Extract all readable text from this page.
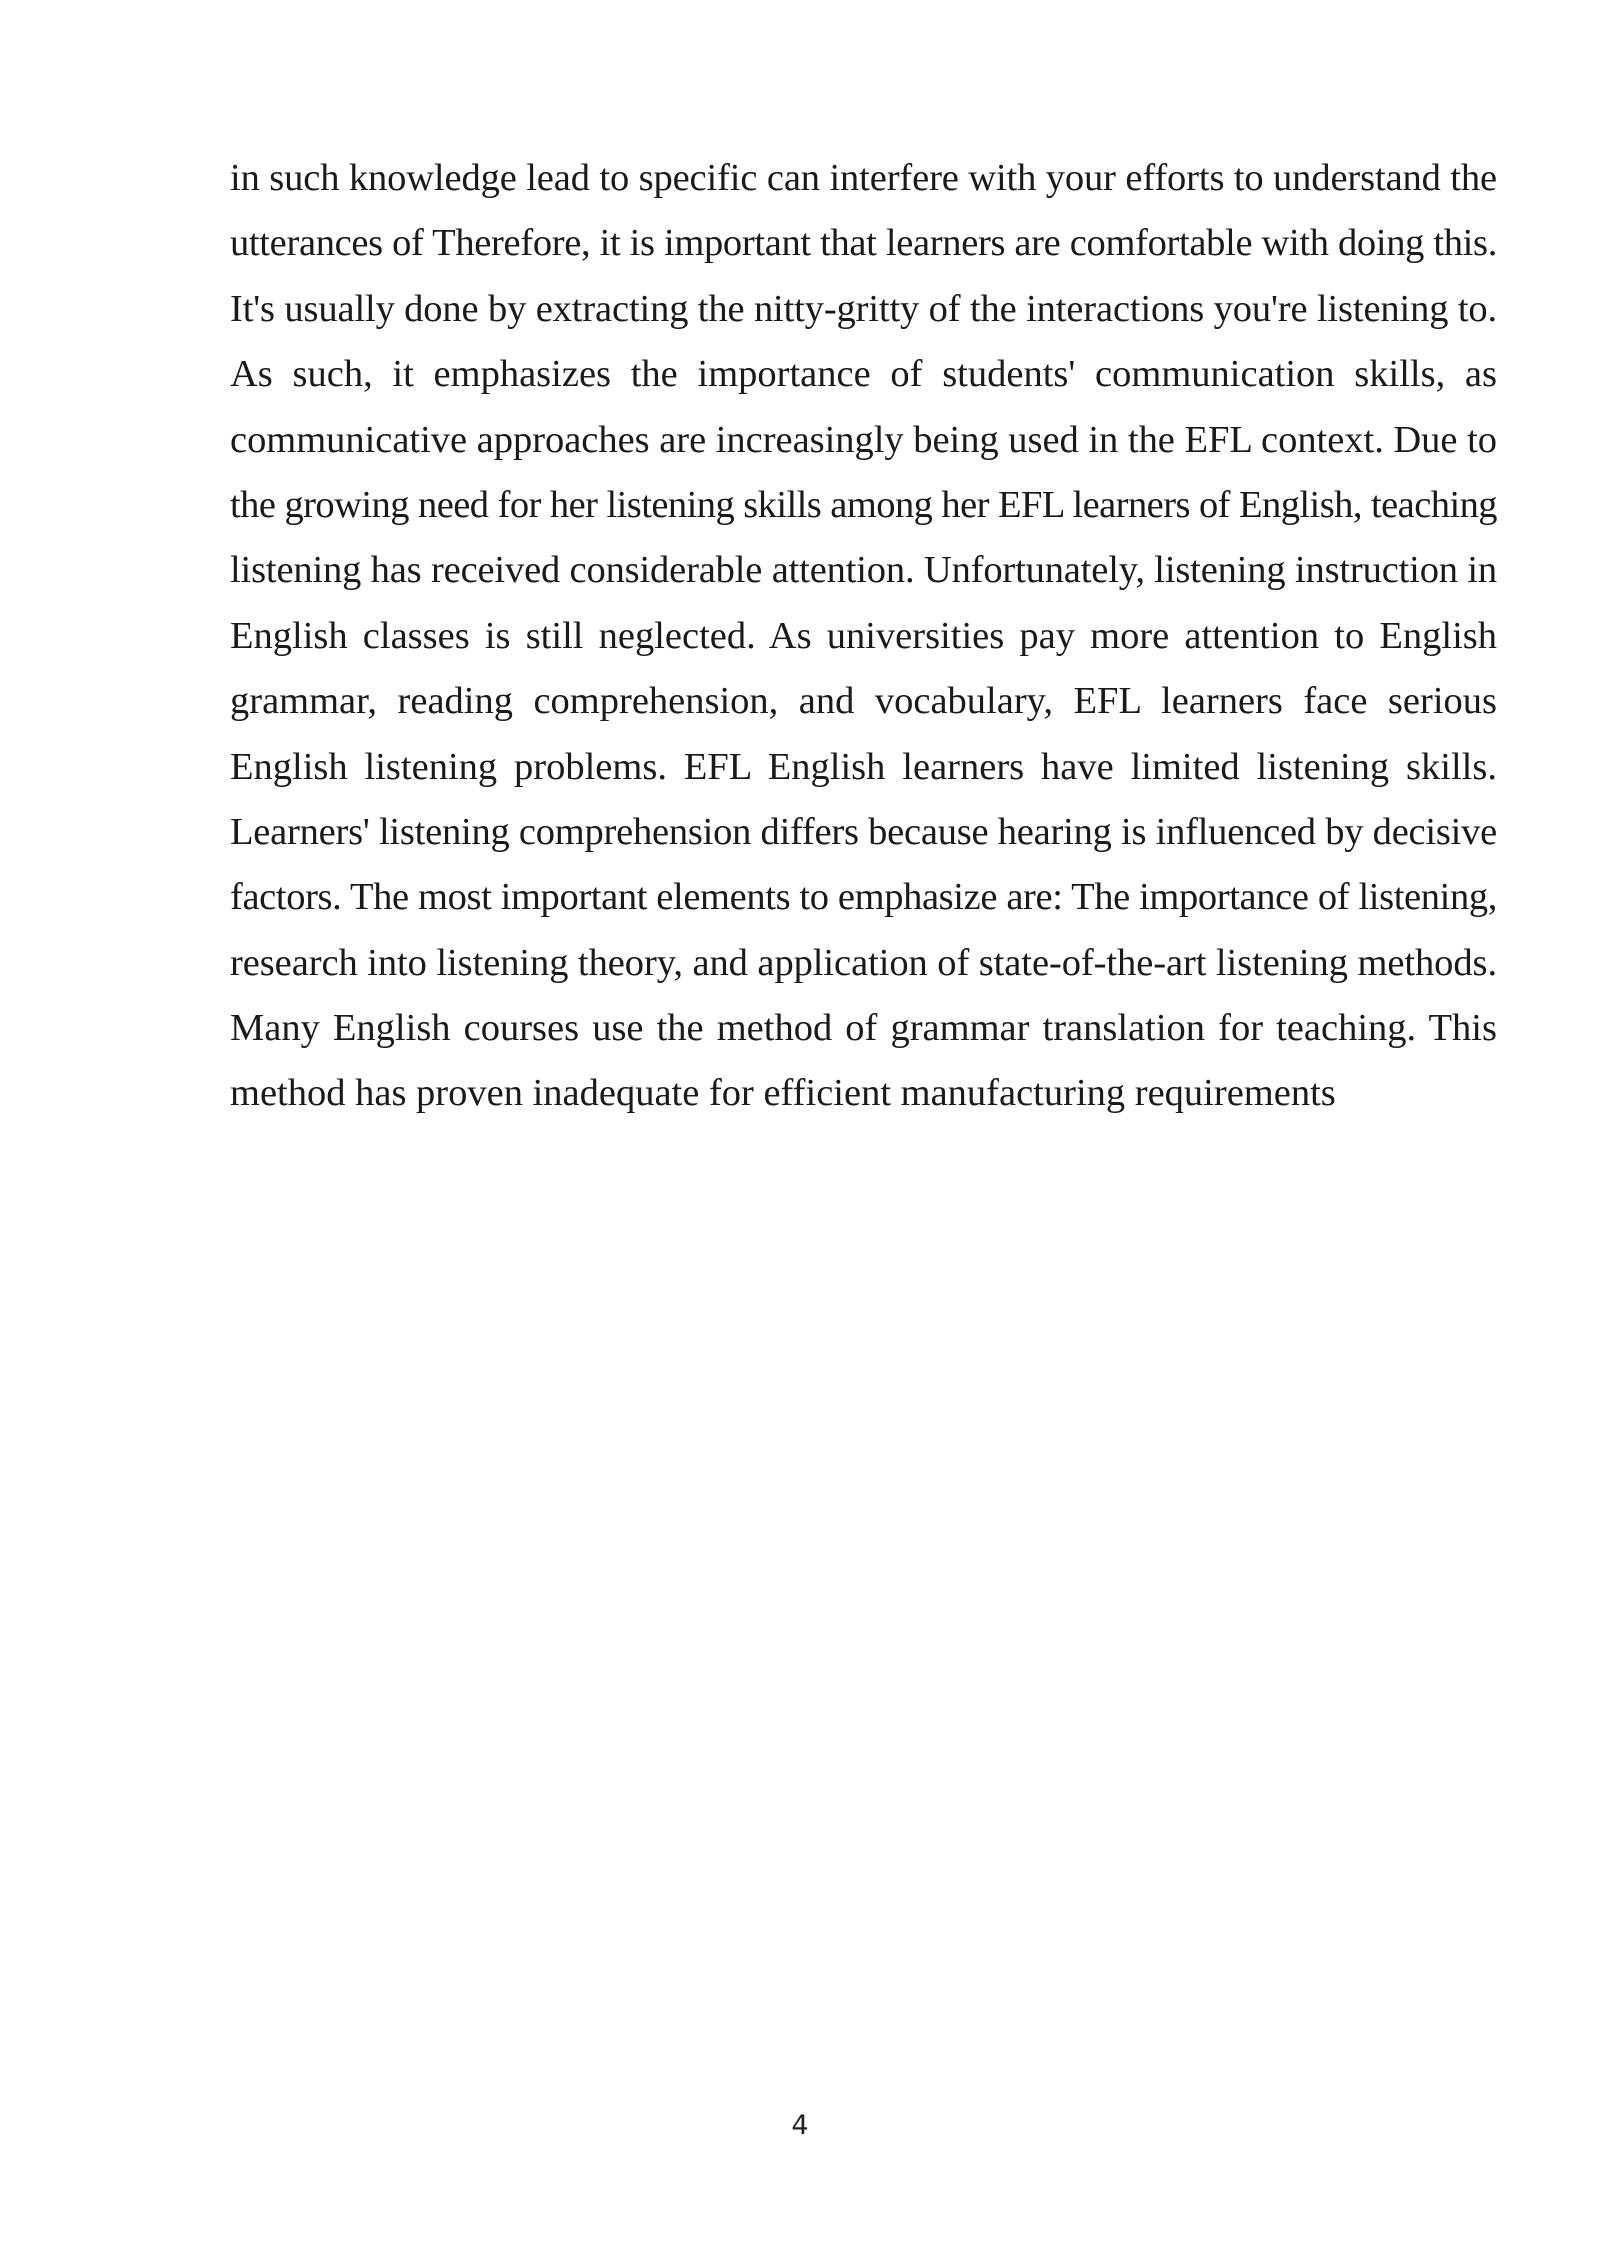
in such knowledge lead to specific can interfere with your efforts to understand the
utterances of Therefore, it is important that learners are comfortable with doing this.
It's usually done by extracting the nitty-gritty of the interactions you're listening to.
As such, it emphasizes the importance of students' communication skills, as
communicative approaches are increasingly being used in the EFL context. Due to
the growing need for her listening skills among her EFL learners of English, teaching
listening has received considerable attention. Unfortunately, listening instruction in
English classes is still neglected. As universities pay more attention to English
grammar, reading comprehension, and vocabulary, EFL learners face serious
English listening problems. EFL English learners have limited listening skills.
Learners' listening comprehension differs because hearing is influenced by decisive
factors. The most important elements to emphasize are: The importance of listening,
research into listening theory, and application of state-of-the-art listening methods.
Many English courses use the method of grammar translation for teaching. This
method has proven inadequate for efficient manufacturing requirements
4
